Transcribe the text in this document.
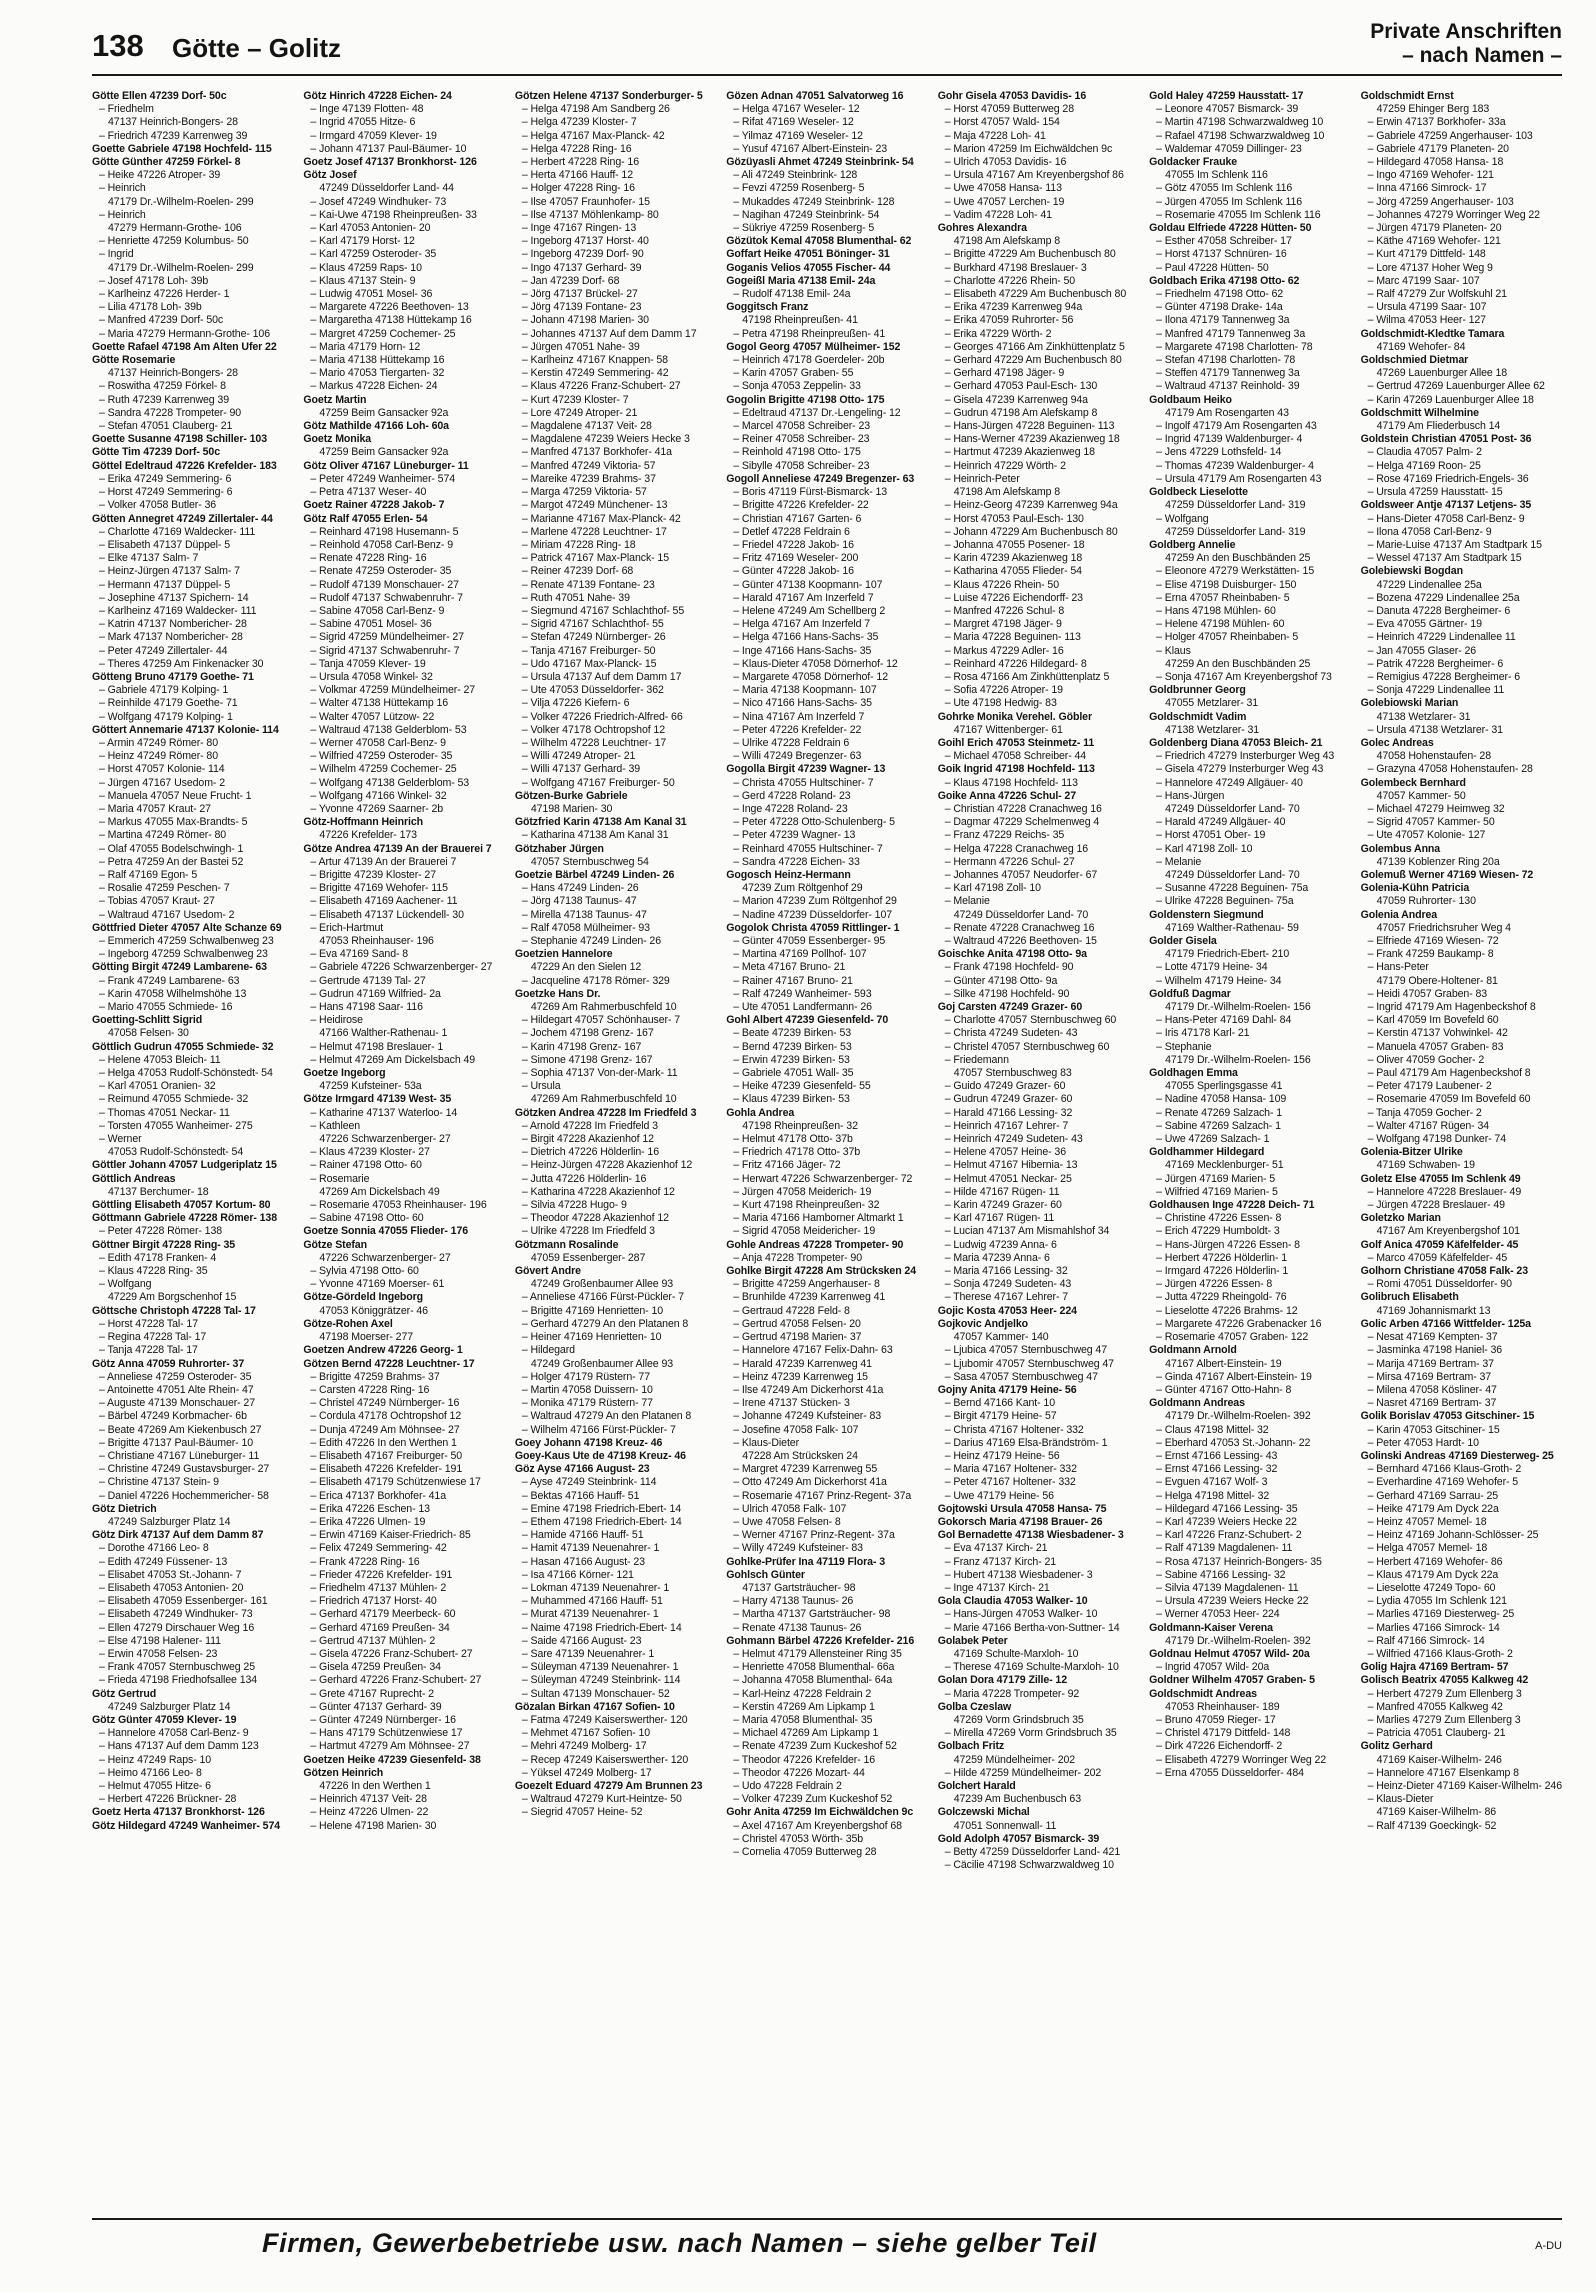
138 Götte – Golitz
Private Anschriften
– nach Namen –
Götte Ellen 47239 Dorf- 50c
– Friedhelm
47137 Heinrich-Bongers- 28
– Friedrich 47239 Karrenweg 39
Goette Gabriele 47198 Hochfeld- 115
Götte Günther 47259 Förkel- 8
– Heike 47226 Atroper- 39
– Heinrich
47179 Dr.-Wilhelm-Roelen- 299
– Heinrich
47279 Hermann-Grothe- 106
– Henriette 47259 Kolumbus- 50
– Ingrid
47179 Dr.-Wilhelm-Roelen- 299
– Josef 47178 Loh- 39b
– Karlheinz 47226 Herder- 1
– Lilia 47178 Loh- 39b
– Manfred 47239 Dorf- 50c
– Maria 47279 Hermann-Grothe- 106
Goette Rafael 47198 Am Alten Ufer 22
Götte Rosemarie
47137 Heinrich-Bongers- 28
– Roswitha 47259 Förkel- 8
– Ruth 47239 Karrenweg 39
– Sandra 47228 Trompeter- 90
– Stefan 47051 Clauberg- 21
Goette Susanne 47198 Schiller- 103
Götte Tim 47239 Dorf- 50c
Göttel Edeltraud 47226 Krefelder- 183
– Erika 47249 Semmering- 6
– Horst 47249 Semmering- 6
– Volker 47058 Butler- 36
Götten Annegret 47249 Zillertaler- 44
– Charlotte 47169 Waldecker- 111
– Elisabeth 47137 Düppel- 5
– Elke 47137 Salm- 7
– Heinz-Jürgen 47137 Salm- 7
– Hermann 47137 Düppel- 5
– Josephine 47137 Spichern- 14
– Karlheinz 47169 Waldecker- 111
– Katrin 47137 Nombericher- 28
– Mark 47137 Nombericher- 28
– Peter 47249 Zillertaler- 44
– Theres 47259 Am Finkenacker 30
Götteng Bruno 47179 Goethe- 71
– Gabriele 47179 Kolping- 1
– Reinhilde 47179 Goethe- 71
– Wolfgang 47179 Kolping- 1
Göttert Annemarie 47137 Kolonie- 114
– Armin 47249 Römer- 80
– Heinz 47249 Römer- 80
– Horst 47057 Kolonie- 114
– Jürgen 47167 Usedom- 2
– Manuela 47057 Neue Frucht- 1
– Maria 47057 Kraut- 27
– Markus 47055 Max-Brandts- 5
– Martina 47249 Römer- 80
– Olaf 47055 Bodelschwingh- 1
– Petra 47259 An der Bastei 52
– Ralf 47169 Egon- 5
– Rosalie 47259 Peschen- 7
– Tobias 47057 Kraut- 27
– Waltraud 47167 Usedom- 2
Göttfried Dieter 47057 Alte Schanze 69
– Emmerich 47259 Schwalbenweg 23
– Ingeborg 47259 Schwalbenweg 23
Götting Birgit 47249 Lambarene- 63
– Frank 47249 Lambarene- 63
– Karin 47058 Wilhelmshöhe 13
– Mario 47055 Schmiede- 16
Goetting-Schlitt Sigrid
47058 Felsen- 30
Göttlich Gudrun 47055 Schmiede- 32
– Helene 47053 Bleich- 11
– Helga 47053 Rudolf-Schönstedt- 54
– Karl 47051 Oranien- 32
– Reimund 47055 Schmiede- 32
– Thomas 47051 Neckar- 11
– Torsten 47055 Wanheimer- 275
– Werner
47053 Rudolf-Schönstedt- 54
Göttler Johann 47057 Ludgeriplatz 15
Göttlich Andreas
47137 Berchumer- 18
Göttling Elisabeth 47057 Kortum- 80
Göttmann Gabriele 47228 Römer- 138
– Peter 47228 Römer- 138
Göttner Birgit 47228 Ring- 35
– Edith 47178 Franken- 4
– Klaus 47228 Ring- 35
– Wolfgang
47229 Am Borgschenhof 15
Göttsche Christoph 47228 Tal- 17
– Horst 47228 Tal- 17
– Regina 47228 Tal- 17
– Tanja 47228 Tal- 17
Götz Anna 47059 Ruhrorter- 37
– Anneliese 47259 Osteroder- 35
– Antoinette 47051 Alte Rhein- 47
– Auguste 47139 Monschauer- 27
– Bärbel 47249 Korbmacher- 6b
– Beate 47269 Am Kiekenbusch 27
– Brigitte 47137 Paul-Bäumer- 10
– Christiane 47167 Lüneburger- 11
– Christine 47249 Gustavsburger- 27
– Christine 47137 Stein- 9
– Daniel 47226 Hochemmericher- 58
Götz Dietrich
47249 Salzburger Platz 14
Götz Dirk 47137 Auf dem Damm 87
– Dorothe 47166 Leo- 8
– Edith 47249 Füssener- 13
– Elisabet 47053 St.-Johann- 7
– Elisabeth 47053 Antonien- 20
– Elisabeth 47059 Essenberger- 161
– Elisabeth 47249 Windhuker- 73
– Ellen 47279 Dirschauer Weg 16
– Else 47198 Halener- 111
– Erwin 47058 Felsen- 23
– Frank 47057 Sternbuschweg 25
– Frieda 47198 Friedhofsallee 134
Götz Gertrud
47249 Salzburger Platz 14
Götz Günter 47059 Klever- 19
– Hannelore 47058 Carl-Benz- 9
– Hans 47137 Auf dem Damm 123
– Heinz 47249 Raps- 10
– Heimo 47166 Leo- 8
– Helmut 47055 Hitze- 6
– Herbert 47226 Brückner- 28
Goetz Herta 47137 Bronkhorst- 126
Götz Hildegard 47249 Wanheimer- 574
Götz Hinrich 47228 Eichen- 24
– Inge 47139 Flotten- 48
– Ingrid 47055 Hitze- 6
– Irmgard 47059 Klever- 19
– Johann 47137 Paul-Bäumer- 10
Goetz Josef 47137 Bronkhorst- 126
Götz Josef
47249 Düsseldorfer Land- 44
– Josef 47249 Windhuker- 73
– Kai-Uwe 47198 Rheinpreußen- 33
– Karl 47053 Antonien- 20
– Karl 47179 Horst- 12
– Karl 47259 Osteroder- 35
– Klaus 47259 Raps- 10
– Klaus 47137 Stein- 9
– Ludwig 47051 Mosel- 36
– Margarete 47226 Beethoven- 13
– Margaretha 47138 Hüttekamp 16
– Margret 47259 Cochemer- 25
– Maria 47179 Horn- 12
– Maria 47138 Hüttekamp 16
– Mario 47053 Tiergarten- 32
– Markus 47228 Eichen- 24
Goetz Martin
47259 Beim Gansacker 92a
Götz Mathilde 47166 Loh- 60a
Goetz Monika
47259 Beim Gansacker 92a
Götz Oliver 47167 Lüneburger- 11
– Peter 47249 Wanheimer- 574
– Petra 47137 Weser- 40
Goetz Rainer 47228 Jakob- 7
Götz Ralf 47055 Erlen- 54
– Reinhard 47198 Husemann- 5
– Reinhold 47058 Carl-Benz- 9
– Renate 47228 Ring- 16
– Renate 47259 Osteroder- 35
– Rudolf 47139 Monschauer- 27
– Rudolf 47137 Schwabenruhr- 7
– Sabine 47058 Carl-Benz- 9
– Sabine 47051 Mosel- 36
– Sigrid 47259 Mündelheimer- 27
– Sigrid 47137 Schwabenruhr- 7
– Tanja 47059 Klever- 19
– Ursula 47058 Winkel- 32
– Volkmar 47259 Mündelheimer- 27
– Walter 47138 Hüttekamp 16
– Walter 47057 Lützow- 22
– Waltraud 47138 Gelderblom- 53
– Werner 47058 Carl-Benz- 9
– Wilfried 47259 Osteroder- 35
– Wilhelm 47259 Cochemer- 25
– Wolfgang 47138 Gelderblom- 53
– Wolfgang 47166 Winkel- 32
– Yvonne 47269 Saarner- 2b
Götz-Hoffmann Heinrich
47226 Krefelder- 173
Götze Andrea 47139 An der Brauerei 7
– Artur 47139 An der Brauerei 7
– Brigitte 47239 Kloster- 27
– Brigitte 47169 Wehofer- 115
– Elisabeth 47169 Aachener- 11
– Elisabeth 47137 Lückendell- 30
– Erich-Hartmut
47053 Rheinhauser- 196
– Eva 47169 Sand- 8
– Gabriele 47226 Schwarzenberger- 27
– Gertrude 47139 Tal- 27
– Gudrun 47169 Wilfried- 2a
– Hans 47198 Saar- 116
– Heidirose
47166 Walther-Rathenau- 1
– Helmut 47198 Breslauer- 1
– Helmut 47269 Am Dickelsbach 49
Goetze Ingeborg
47259 Kufsteiner- 53a
Götze Irmgard 47139 West- 35
– Katharine 47137 Waterloo- 14
– Kathleen
47226 Schwarzenberger- 27
– Klaus 47239 Kloster- 27
– Rainer 47198 Otto- 60
– Rosemarie
47269 Am Dickelsbach 49
– Rosemarie 47053 Rheinhauser- 196
– Sabine 47198 Otto- 60
Goetze Sonnia 47055 Flieder- 176
Götze Stefan
47226 Schwarzenberger- 27
– Sylvia 47198 Otto- 60
– Yvonne 47169 Moerser- 61
Götze-Gördeld Ingeborg
47053 Königgrätzer- 46
Götze-Rohen Axel
47198 Moerser- 277
Goetzen Andrew 47226 Georg- 1
Götzen Bernd 47228 Leuchtner- 17
– Brigitte 47259 Brahms- 37
– Carsten 47228 Ring- 16
– Christel 47249 Nürnberger- 16
– Cordula 47178 Ochtropshof 12
– Dunja 47249 Am Möhnsee- 27
– Edith 47226 In den Werthen 1
– Elisabeth 47167 Freiburger- 50
– Elisabeth 47226 Krefelder- 191
– Elisabeth 47179 Schützenwiese 17
– Erica 47137 Borkhofer- 41a
– Erika 47226 Eschen- 13
– Erika 47226 Ulmen- 19
– Erwin 47169 Kaiser-Friedrich- 85
– Felix 47249 Semmering- 42
– Frank 47228 Ring- 16
– Frieder 47226 Krefelder- 191
– Friedhelm 47137 Mühlen- 2
– Friedrich 47137 Horst- 40
– Gerhard 47179 Meerbeck- 60
– Gerhard 47169 Preußen- 34
– Gertrud 47137 Mühlen- 2
– Gisela 47226 Franz-Schubert- 27
– Gisela 47259 Preußen- 34
– Gerhard 47226 Franz-Schubert- 27
– Grete 47167 Ruprecht- 2
– Günter 47137 Gerhard- 39
– Günter 47249 Nürnberger- 16
– Hans 47179 Schützenwiese 17
– Hartmut 47279 Am Möhnsee- 27
Goetzen Heike 47239 Giesenfeld- 38
Götzen Heinrich
47226 In den Werthen 1
– Heinrich 47137 Veit- 28
– Heinz 47226 Ulmen- 22
– Helene 47198 Marien- 30
Götzen Helene 47137 Sonderburger- 5
– Helga 47198 Am Sandberg 26
– Helga 47239 Kloster- 7
– Helga 47167 Max-Planck- 42
– Helga 47228 Ring- 16
– Herbert 47228 Ring- 16
– Herta 47166 Hauff- 12
– Holger 47228 Ring- 16
– Ilse 47057 Fraunhofer- 15
– Ilse 47137 Möhlenkamp- 80
– Inge 47167 Ringen- 13
– Ingeborg 47137 Horst- 40
– Ingeborg 47239 Dorf- 90
– Ingo 47137 Gerhard- 39
– Jan 47239 Dorf- 68
– Jörg 47137 Brückel- 27
– Jörg 47139 Fontane- 23
– Johann 47198 Marien- 30
– Johannes 47137 Auf dem Damm 17
– Jürgen 47051 Nahe- 39
– Karlheinz 47167 Knappen- 58
– Kerstin 47249 Semmering- 42
– Klaus 47226 Franz-Schubert- 27
– Kurt 47239 Kloster- 7
– Lore 47249 Atroper- 21
– Magdalene 47137 Veit- 28
– Magdalene 47239 Weiers Hecke 3
– Manfred 47137 Borkhofer- 41a
– Manfred 47249 Viktoria- 57
– Mareike 47239 Brahms- 37
– Marga 47259 Viktoria- 57
– Margot 47249 Münchener- 13
– Marianne 47167 Max-Planck- 42
– Marlene 47228 Leuchtner- 17
– Miriam 47228 Ring- 18
– Patrick 47167 Max-Planck- 15
– Reiner 47239 Dorf- 68
– Renate 47139 Fontane- 23
– Ruth 47051 Nahe- 39
– Siegmund 47167 Schlachthof- 55
– Sigrid 47167 Schlachthof- 55
– Stefan 47249 Nürnberger- 26
– Tanja 47167 Freiburger- 50
– Udo 47167 Max-Planck- 15
– Ursula 47137 Auf dem Damm 17
– Ute 47053 Düsseldorfer- 362
– Vilja 47226 Kiefern- 6
– Volker 47226 Friedrich-Alfred- 66
– Volker 47178 Ochtropshof 12
– Wilhelm 47228 Leuchtner- 17
– Willi 47249 Atroper- 21
– Willi 47137 Gerhard- 39
– Wolfgang 47167 Freiburger- 50
Götzen-Burke Gabriele
47198 Marien- 30
Götzfried Karin 47138 Am Kanal 31
– Katharina 47138 Am Kanal 31
Götzhaber Jürgen
47057 Sternbuschweg 54
Goetzie Bärbel 47249 Linden- 26
– Hans 47249 Linden- 26
– Jörg 47138 Taunus- 47
– Mirella 47138 Taunus- 47
– Ralf 47058 Mülheimer- 93
– Stephanie 47249 Linden- 26
Goetzien Hannelore
47229 An den Sielen 12
– Jacqueline 47178 Römer- 329
Goetzke Hans Dr.
47269 Am Rahmerbuschfeld 10
– Hildegart 47057 Schönhauser- 7
– Jochem 47198 Grenz- 167
– Karin 47198 Grenz- 167
– Simone 47198 Grenz- 167
– Sophia 47137 Von-der-Mark- 11
– Ursula
47269 Am Rahmerbuschfeld 10
Götzken Andrea 47228 Im Friedfeld 3
– Arnold 47228 Im Friedfeld 3
– Birgit 47228 Akazienhof 12
– Dietrich 47226 Hölderlin- 16
– Heinz-Jürgen 47228 Akazienhof 12
– Jutta 47226 Hölderlin- 16
– Katharina 47228 Akazienhof 12
– Silvia 47228 Hugo- 9
– Theodor 47228 Akazienhof 12
– Ulrike 47228 Im Friedfeld 3
Götzmann Rosalinde
47059 Essenberger- 287
Gövert Andre
47249 Großenbaumer Allee 93
– Anneliese 47166 Fürst-Pückler- 7
– Brigitte 47169 Henrietten- 10
– Gerhard 47279 An den Platanen 8
– Heiner 47169 Henrietten- 10
– Hildegard
47249 Großenbaumer Allee 93
– Holger 47179 Rüstern- 77
– Martin 47058 Duissern- 10
– Monika 47179 Rüstern- 77
– Waltraud 47279 An den Platanen 8
– Wilhelm 47166 Fürst-Pückler- 7
Goey Johann 47198 Kreuz- 46
Goey-Kaus Ute de 47198 Kreuz- 46
Göz Ayse 47166 August- 23
– Ayse 47249 Steinbrink- 114
– Bektas 47166 Hauff- 51
– Emine 47198 Friedrich-Ebert- 14
– Ethem 47198 Friedrich-Ebert- 14
– Hamide 47166 Hauff- 51
– Hamit 47139 Neuenahrer- 1
– Hasan 47166 August- 23
– Isa 47166 Körner- 121
– Lokman 47139 Neuenahrer- 1
– Muhammed 47166 Hauff- 51
– Murat 47139 Neuenahrer- 1
– Naime 47198 Friedrich-Ebert- 14
– Saide 47166 August- 23
– Sare 47139 Neuenahrer- 1
– Süleyman 47139 Neuenahrer- 1
– Süleyman 47249 Steinbrink- 114
– Sultan 47139 Monschauer- 52
Gözalan Birkan 47167 Sofien- 10
– Fatma 47249 Kaiserswerther- 120
– Mehmet 47167 Sofien- 10
– Mehri 47249 Molberg- 17
– Recep 47249 Kaiserswerther- 120
– Yüksel 47249 Molberg- 17
Goezelt Eduard 47279 Am Brunnen 23
– Waltraud 47279 Kurt-Heintze- 50
– Siegrid 47057 Heine- 52
Gözen Adnan 47051 Salvatorweg 16
– Helga 47167 Weseler- 12
– Rifat 47169 Weseler- 12
– Yilmaz 47169 Weseler- 12
– Yusuf 47167 Albert-Einstein- 23
Gözüyasli Ahmet 47249 Steinbrink- 54
– Ali 47249 Steinbrink- 128
– Fevzi 47259 Rosenberg- 5
– Mukaddes 47249 Steinbrink- 128
– Nagihan 47249 Steinbrink- 54
– Sükriye 47259 Rosenberg- 5
Gözütok Kemal 47058 Blumenthal- 62
Goffart Heike 47051 Böninger- 31
Goganis Velios 47055 Fischer- 44
Gogeißl Maria 47138 Emil- 24a
– Rudolf 47138 Emil- 24a
Goggitsch Franz
47198 Rheinpreußen- 41
– Petra 47198 Rheinpreußen- 41
Gogol Georg 47057 Mülheimer- 152
– Heinrich 47178 Goerdeler- 20b
– Karin 47057 Graben- 55
– Sonja 47053 Zeppelin- 33
Gogolin Brigitte 47198 Otto- 175
– Edeltraud 47137 Dr.-Lengeling- 12
– Marcel 47058 Schreiber- 23
– Reiner 47058 Schreiber- 23
– Reinhold 47198 Otto- 175
– Sibylle 47058 Schreiber- 23
Gogoll Anneliese 47249 Bregenzer- 63
– Boris 47119 Fürst-Bismarck- 13
– Brigitte 47226 Krefelder- 22
– Christian 47167 Garten- 6
– Detlef 47228 Feldrain 6
– Friedel 47228 Jakob- 16
– Fritz 47169 Weseler- 200
– Günter 47228 Jakob- 16
– Günter 47138 Koopmann- 107
– Harald 47167 Am Inzerfeld 7
– Helene 47249 Am Schellberg 2
– Helga 47167 Am Inzerfeld 7
– Helga 47166 Hans-Sachs- 35
– Inge 47166 Hans-Sachs- 35
– Klaus-Dieter 47058 Dörnerhof- 12
– Margarete 47058 Dörnerhof- 12
– Maria 47138 Koopmann- 107
– Nico 47166 Hans-Sachs- 35
– Nina 47167 Am Inzerfeld 7
– Peter 47226 Krefelder- 22
– Ulrike 47228 Feldrain 6
– Willi 47249 Bregenzer- 63
Gogolla Birgit 47239 Wagner- 13
– Christa 47055 Hultschiner- 7
– Gerd 47228 Roland- 23
– Inge 47228 Roland- 23
– Peter 47228 Otto-Schulenberg- 5
– Peter 47239 Wagner- 13
– Reinhard 47055 Hultschiner- 7
– Sandra 47228 Eichen- 33
Gogosch Heinz-Hermann
47239 Zum Röltgenhof 29
– Marion 47239 Zum Röltgenhof 29
– Nadine 47239 Düsseldorfer- 107
Gogolok Christa 47059 Rittlinger- 1
– Günter 47059 Essenberger- 95
– Martina 47169 Pollhof- 107
– Meta 47167 Bruno- 21
– Rainer 47167 Bruno- 21
– Ralf 47249 Wanheimer- 593
– Ute 47051 Landfermann- 26
Gohl Albert 47239 Giesenfeld- 70
– Beate 47239 Birken- 53
– Bernd 47239 Birken- 53
– Erwin 47239 Birken- 53
– Gabriele 47051 Wall- 35
– Heike 47239 Giesenfeld- 55
– Klaus 47239 Birken- 53
Gohla Andrea
47198 Rheinpreußen- 32
– Helmut 47178 Otto- 37b
– Friedrich 47178 Otto- 37b
– Fritz 47166 Jäger- 72
– Herwart 47226 Schwarzenberger- 72
– Jürgen 47058 Meiderich- 19
– Kurt 47198 Rheinpreußen- 32
– Maria 47166 Hamborner Altmarkt 1
– Sigrid 47058 Meidericher- 19
Gohle Andreas 47228 Trompeter- 90
– Anja 47228 Trompeter- 90
Gohlke Birgit 47228 Am Strücksken 24
– Brigitte 47259 Angerhauser- 8
– Brunhilde 47239 Karrenweg 41
– Gertraud 47228 Feld- 8
– Gertrud 47058 Felsen- 20
– Gertrud 47198 Marien- 37
– Hannelore 47167 Felix-Dahn- 63
– Harald 47239 Karrenweg 41
– Heinz 47239 Karrenweg 15
– Ilse 47249 Am Dickerhorst 41a
– Irene 47137 Stücken- 3
– Johanne 47249 Kufsteiner- 83
– Josefine 47058 Falk- 107
– Klaus-Dieter
47228 Am Strücksken 24
– Margret 47239 Karrenweg 55
– Otto 47249 Am Dickerhorst 41a
– Rosemarie 47167 Prinz-Regent- 37a
– Ulrich 47058 Falk- 107
– Uwe 47058 Felsen- 8
– Werner 47167 Prinz-Regent- 37a
– Willy 47249 Kufsteiner- 83
Gohlke-Prüfer Ina 47119 Flora- 3
Gohlsch Günter
47137 Gartsträucher- 98
– Harry 47138 Taunus- 26
– Martha 47137 Gartsträucher- 98
– Renate 47138 Taunus- 26
Gohmann Bärbel 47226 Krefelder- 216
– Helmut 47179 Allensteiner Ring 35
– Henriette 47058 Blumenthal- 66a
– Johanna 47058 Blumenthal- 64a
– Karl-Heinz 47228 Feldrain 2
– Kerstin 47269 Am Lipkamp 1
– Maria 47058 Blumenthal- 35
– Michael 47269 Am Lipkamp 1
– Renate 47239 Zum Kuckeshof 52
– Theodor 47226 Krefelder- 16
– Theodor 47226 Mozart- 44
– Udo 47228 Feldrain 2
– Volker 47239 Zum Kuckeshof 52
Gohr Anita 47259 Im Eichwäldchen 9c
– Axel 47167 Am Kreyenbergshof 68
– Christel 47053 Wörth- 35b
– Cornelia 47059 Butterweg 28
Gohr Gisela 47053 Davidis- 16
– Horst 47059 Butterweg 28
– Horst 47057 Wald- 154
– Maja 47228 Loh- 41
– Marion 47259 Im Eichwäldchen 9c
– Ulrich 47053 Davidis- 16
– Ursula 47167 Am Kreyenbergshof 86
– Uwe 47058 Hansa- 113
– Uwe 47057 Lerchen- 19
– Vadim 47228 Loh- 41
Gohres Alexandra
47198 Am Alefskamp 8
– Brigitte 47229 Am Buchenbusch 80
– Burkhard 47198 Breslauer- 3
– Charlotte 47226 Rhein- 50
– Elisabeth 47229 Am Buchenbusch 80
– Erika 47239 Karrenweg 94a
– Erika 47059 Ruhrorter- 56
– Erika 47229 Wörth- 2
– Georges 47166 Am Zinkhüttenplatz 5
– Gerhard 47229 Am Buchenbusch 80
– Gerhard 47198 Jäger- 9
– Gerhard 47053 Paul-Esch- 130
– Gisela 47239 Karrenweg 94a
– Gudrun 47198 Am Alefskamp 8
– Hans-Jürgen 47228 Beguinen- 113
– Hans-Werner 47239 Akazienweg 18
– Hartmut 47239 Akazienweg 18
– Heinrich 47229 Wörth- 2
– Heinrich-Peter
47198 Am Alefskamp 8
– Heinz-Georg 47239 Karrenweg 94a
– Horst 47053 Paul-Esch- 130
– Johann 47229 Am Buchenbusch 80
– Johanna 47055 Posener- 18
– Karin 47239 Akazienweg 18
– Katharina 47055 Flieder- 54
– Klaus 47226 Rhein- 50
– Luise 47226 Eichendorff- 23
– Manfred 47226 Schul- 8
– Margret 47198 Jäger- 9
– Maria 47228 Beguinen- 113
– Markus 47229 Adler- 16
– Reinhard 47226 Hildegard- 8
– Rosa 47166 Am Zinkhüttenplatz 5
– Sofia 47226 Atroper- 19
– Ute 47198 Hedwig- 83
Gohrke Monika Verehel. Göbler
47167 Wittenberger- 61
Goihl Erich 47053 Steinmetz- 11
– Michael 47058 Schreiber- 44
Goik Ingrid 47198 Hochfeld- 113
– Klaus 47198 Hochfeld- 113
Goike Anna 47226 Schul- 27
– Christian 47228 Cranachweg 16
– Dagmar 47229 Schelmenweg 4
– Franz 47229 Reichs- 35
– Helga 47228 Cranachweg 16
– Hermann 47226 Schul- 27
– Johannes 47057 Neudorfer- 67
– Karl 47198 Zoll- 10
– Melanie
47249 Düsseldorfer Land- 70
– Renate 47228 Cranachweg 16
– Waltraud 47226 Beethoven- 15
Goischke Anita 47198 Otto- 9a
– Frank 47198 Hochfeld- 90
– Günter 47198 Otto- 9a
– Silke 47198 Hochfeld- 90
Goj Carsten 47249 Grazer- 60
– Charlotte 47057 Sternbuschweg 60
– Christa 47249 Sudeten- 43
– Christel 47057 Sternbuschweg 60
– Friedemann
47057 Sternbuschweg 83
– Guido 47249 Grazer- 60
– Gudrun 47249 Grazer- 60
– Harald 47166 Lessing- 32
– Heinrich 47167 Lehrer- 7
– Heinrich 47249 Sudeten- 43
– Helene 47057 Heine- 36
– Helmut 47167 Hibernia- 13
– Helmut 47051 Neckar- 25
– Hilde 47167 Rügen- 11
– Karin 47249 Grazer- 60
– Karl 47167 Rügen- 11
– Lucian 47137 Am Mismahlshof 34
– Ludwig 47239 Anna- 6
– Maria 47239 Anna- 6
– Maria 47166 Lessing- 32
– Sonja 47249 Sudeten- 43
– Therese 47167 Lehrer- 7
Gojic Kosta 47053 Heer- 224
Gojkovic Andjelko
47057 Kammer- 140
– Ljubica 47057 Sternbuschweg 47
– Ljubomir 47057 Sternbuschweg 47
– Sasa 47057 Sternbuschweg 47
Gojny Anita 47179 Heine- 56
– Bernd 47166 Kant- 10
– Birgit 47179 Heine- 57
– Christa 47167 Holtener- 332
– Darius 47169 Elsa-Brändström- 1
– Heinz 47179 Heine- 56
– Maria 47167 Holtener- 332
– Peter 47167 Holtener- 332
– Uwe 47179 Heine- 56
Gojtowski Ursula 47058 Hansa- 75
Gokorsch Maria 47198 Brauer- 26
Gol Bernadette 47138 Wiesbadener- 3
– Eva 47137 Kirch- 21
– Franz 47137 Kirch- 21
– Hubert 47138 Wiesbadener- 3
– Inge 47137 Kirch- 21
Gola Claudia 47053 Walker- 10
– Hans-Jürgen 47053 Walker- 10
– Marie 47166 Bertha-von-Suttner- 14
Golabek Peter
47169 Schulte-Marxloh- 10
– Therese 47169 Schulte-Marxloh- 10
Golan Dora 47179 Zille- 12
– Maria 47228 Trompeter- 92
Golba Czeslaw
47269 Vorm Grindsbruch 35
– Mirella 47269 Vorm Grindsbruch 35
Golbach Fritz
47259 Mündelheimer- 202
– Hilde 47259 Mündelheimer- 202
Golchert Harald
47239 Am Buchenbusch 63
Golczewski Michal
47051 Sonnenwall- 11
Gold Adolph 47057 Bismarck- 39
– Betty 47259 Düsseldorfer Land- 421
– Cäcilie 47198 Schwarzwaldweg 10
Gold Haley 47259 Hausstatt- 17
– Leonore 47057 Bismarck- 39
– Martin 47198 Schwarzwaldweg 10
– Rafael 47198 Schwarzwaldweg 10
– Waldemar 47059 Dillinger- 23
Goldacker Frauke
47055 Im Schlenk 116
– Götz 47055 Im Schlenk 116
– Jürgen 47055 Im Schlenk 116
– Rosemarie 47055 Im Schlenk 116
Goldau Elfriede 47228 Hütten- 50
– Esther 47058 Schreiber- 17
– Horst 47137 Schnüren- 16
– Paul 47228 Hütten- 50
Goldbach Erika 47198 Otto- 62
– Friedhelm 47198 Otto- 62
– Günter 47198 Drake- 14a
– Ilona 47179 Tannenweg 3a
– Manfred 47179 Tannenweg 3a
– Margarete 47198 Charlotten- 78
– Stefan 47198 Charlotten- 78
– Steffen 47179 Tannenweg 3a
– Waltraud 47137 Reinhold- 39
Goldbaum Heiko
47179 Am Rosengarten 43
– Ingolf 47179 Am Rosengarten 43
– Ingrid 47139 Waldenburger- 4
– Jens 47229 Lothsfeld- 14
– Thomas 47239 Waldenburger- 4
– Ursula 47179 Am Rosengarten 43
Goldbeck Lieselotte
47259 Düsseldorfer Land- 319
– Wolfgang
47259 Düsseldorfer Land- 319
Goldberg Annelie
47259 An den Buschbänden 25
– Eleonore 47279 Werkstätten- 15
– Elise 47198 Duisburger- 150
– Erna 47057 Rheinbaben- 5
– Hans 47198 Mühlen- 60
– Helene 47198 Mühlen- 60
– Holger 47057 Rheinbaben- 5
– Klaus
47259 An den Buschbänden 25
– Sonja 47167 Am Kreyenbergshof 73
Goldbrunner Georg
47055 Metzlarer- 31
Goldschmidt Vadim
47138 Wetzlarer- 31
Goldenberg Diana 47053 Bleich- 21
– Friedrich 47279 Insterburger Weg 43
– Gisela 47279 Insterburger Weg 43
– Hannelore 47249 Allgäuer- 40
– Hans-Jürgen
47249 Düsseldorfer Land- 70
– Harald 47249 Allgäuer- 40
– Horst 47051 Ober- 19
– Karl 47198 Zoll- 10
– Melanie
47249 Düsseldorfer Land- 70
– Susanne 47228 Beguinen- 75a
– Ulrike 47228 Beguinen- 75a
Goldenstern Siegmund
47169 Walther-Rathenau- 59
Golder Gisela
47179 Friedrich-Ebert- 210
– Lotte 47179 Heine- 34
– Wilhelm 47179 Heine- 34
Goldfuß Dagmar
47179 Dr.-Wilhelm-Roelen- 156
– Hans-Peter 47169 Dahl- 84
– Iris 47178 Karl- 21
– Stephanie
47179 Dr.-Wilhelm-Roelen- 156
Goldhagen Emma
47055 Sperlingsgasse 41
– Nadine 47058 Hansa- 109
– Renate 47269 Salzach- 1
– Sabine 47269 Salzach- 1
– Uwe 47269 Salzach- 1
Goldhammer Hildegard
47169 Mecklenburger- 51
– Jürgen 47169 Marien- 5
– Wilfried 47169 Marien- 5
Goldhausen Inge 47228 Deich- 71
– Christine 47226 Essen- 8
– Erich 47229 Humboldt- 3
– Hans-Jürgen 47226 Essen- 8
– Herbert 47226 Hölderlin- 1
– Irmgard 47226 Hölderlin- 1
– Jürgen 47226 Essen- 8
– Jutta 47229 Rheingold- 76
– Lieselotte 47226 Brahms- 12
– Margarete 47226 Grabenacker 16
– Rosemarie 47057 Graben- 122
Goldmann Arnold
47167 Albert-Einstein- 19
– Ginda 47167 Albert-Einstein- 19
– Günter 47167 Otto-Hahn- 8
Goldmann Andreas
47179 Dr.-Wilhelm-Roelen- 392
– Claus 47198 Mittel- 32
– Eberhard 47053 St.-Johann- 22
– Ernst 47166 Lessing- 43
– Ernst 47166 Lessing- 32
– Evguen 47167 Wolf- 3
– Helga 47198 Mittel- 32
– Hildegard 47166 Lessing- 35
– Karl 47239 Weiers Hecke 22
– Karl 47226 Franz-Schubert- 2
– Ralf 47139 Magdalenen- 11
– Rosa 47137 Heinrich-Bongers- 35
– Sabine 47166 Lessing- 32
– Silvia 47139 Magdalenen- 11
– Ursula 47239 Weiers Hecke 22
– Werner 47053 Heer- 224
Goldmann-Kaiser Verena
47179 Dr.-Wilhelm-Roelen- 392
Goldnau Helmut 47057 Wild- 20a
– Ingrid 47057 Wild- 20a
Goldner Wilhelm 47057 Graben- 5
Goldschmidt Andreas
47053 Rheinhauser- 189
– Bruno 47059 Rieger- 17
– Christel 47179 Dittfeld- 148
– Dirk 47226 Eichendorff- 2
– Elisabeth 47279 Worringer Weg 22
– Erna 47055 Düsseldorfer- 484
Goldschmidt Ernst
47259 Ehinger Berg 183
– Erwin 47137 Borkhofer- 33a
– Gabriele 47259 Angerhauser- 103
– Gabriele 47179 Planeten- 20
– Hildegard 47058 Hansa- 18
– Ingo 47169 Wehofer- 121
– Inna 47166 Simrock- 17
– Jörg 47259 Angerhauser- 103
– Johannes 47279 Worringer Weg 22
– Jürgen 47179 Planeten- 20
– Käthe 47169 Wehofer- 121
– Kurt 47179 Dittfeld- 148
– Lore 47137 Hoher Weg 9
– Marc 47199 Saar- 107
– Ralf 47279 Zur Wolfskuhl 21
– Ursula 47199 Saar- 107
– Wilma 47053 Heer- 127
Goldschmidt-Kledtke Tamara
47169 Wehofer- 84
Goldschmied Dietmar
47269 Lauenburger Allee 18
– Gertrud 47269 Lauenburger Allee 62
– Karin 47269 Lauenburger Allee 18
Goldschmitt Wilhelmine
47179 Am Fliederbusch 14
Goldstein Christian 47051 Post- 36
– Claudia 47057 Palm- 2
– Helga 47169 Roon- 25
– Rose 47169 Friedrich-Engels- 36
– Ursula 47259 Hausstatt- 15
Goldsweer Antje 47137 Letjens- 35
– Hans-Dieter 47058 Carl-Benz- 9
– Ilona 47058 Carl-Benz- 9
– Marie-Luise 47137 Am Stadtpark 15
– Wessel 47137 Am Stadtpark 15
Golebiewski Bogdan
47229 Lindenallee 25a
– Bozena 47229 Lindenallee 25a
– Danuta 47228 Bergheimer- 6
– Eva 47055 Gärtner- 19
– Heinrich 47229 Lindenallee 11
– Jan 47055 Glaser- 26
– Patrik 47228 Bergheimer- 6
– Remigius 47228 Bergheimer- 6
– Sonja 47229 Lindenallee 11
Golebiowski Marian
47138 Wetzlarer- 31
– Ursula 47138 Wetzlarer- 31
Golec Andreas
47058 Hohenstaufen- 28
– Grazyna 47058 Hohenstaufen- 28
Golembeck Bernhard
47057 Kammer- 50
– Michael 47279 Heimweg 32
– Sigrid 47057 Kammer- 50
– Ute 47057 Kolonie- 127
Golembus Anna
47139 Koblenzer Ring 20a
Golemuß Werner 47169 Wiesen- 72
Golenia-Kühn Patricia
47059 Ruhrorter- 130
Golenia Andrea
47057 Friedrichsruher Weg 4
– Elfriede 47169 Wiesen- 72
– Frank 47259 Baukamp- 8
– Hans-Peter
47179 Obere-Holtener- 81
– Heidi 47057 Graben- 83
– Ingrid 47179 Am Hagenbeckshof 8
– Karl 47059 Im Bovefeld 60
– Kerstin 47137 Vohwinkel- 42
– Manuela 47057 Graben- 83
– Oliver 47059 Gocher- 2
– Paul 47179 Am Hagenbeckshof 8
– Peter 47179 Laubener- 2
– Rosemarie 47059 Im Bovefeld 60
– Tanja 47059 Gocher- 2
– Walter 47167 Rügen- 34
– Wolfgang 47198 Dunker- 74
Golenia-Bitzer Ulrike
47169 Schwaben- 19
Goletz Else 47055 Im Schlenk 49
– Hannelore 47228 Breslauer- 49
– Jürgen 47228 Breslauer- 49
Goletzko Marian
47167 Am Kreyenbergshof 101
Golf Anica 47059 Käfelfelder- 45
– Marco 47059 Käfelfelder- 45
Golhorn Christiane 47058 Falk- 23
– Romi 47051 Düsseldorfer- 90
Golibruch Elisabeth
47169 Johannismarkt 13
Golic Arben 47166 Wittfelder- 125a
– Nesat 47169 Kempten- 37
– Jasminka 47198 Haniel- 36
– Marija 47169 Bertram- 37
– Mirsa 47169 Bertram- 37
– Milena 47058 Kösliner- 47
– Nasret 47169 Bertram- 37
Golik Borislav 47053 Gitschiner- 15
– Karin 47053 Gitschiner- 15
– Peter 47053 Hardt- 10
Golinski Andreas 47169 Diesterweg- 25
– Bernhard 47166 Klaus-Groth- 2
– Everhardine 47169 Wehofer- 5
– Gerhard 47169 Sarrau- 25
– Heike 47179 Am Dyck 22a
– Heinz 47057 Memel- 18
– Heinz 47169 Johann-Schlösser- 25
– Helga 47057 Memel- 18
– Herbert 47169 Wehofer- 86
– Klaus 47179 Am Dyck 22a
– Lieselotte 47249 Topo- 60
– Lydia 47055 Im Schlenk 121
– Marlies 47169 Diesterweg- 25
– Marlies 47166 Simrock- 14
– Ralf 47166 Simrock- 14
– Wilfried 47166 Klaus-Groth- 2
Golig Hajra 47169 Bertram- 57
Golisch Beatrix 47055 Kalkweg 42
– Herbert 47279 Zum Ellenberg 3
– Manfred 47055 Kalkweg 42
– Marlies 47279 Zum Ellenberg 3
– Patricia 47051 Clauberg- 21
Golitz Gerhard
47169 Kaiser-Wilhelm- 246
– Hannelore 47167 Elsenkamp 8
– Heinz-Dieter 47169 Kaiser-Wilhelm- 246
– Klaus-Dieter
47169 Kaiser-Wilhelm- 86
– Ralf 47139 Goeckingk- 52
Firmen, Gewerbebetriebe usw. nach Namen – siehe gelber Teil	A-DU
